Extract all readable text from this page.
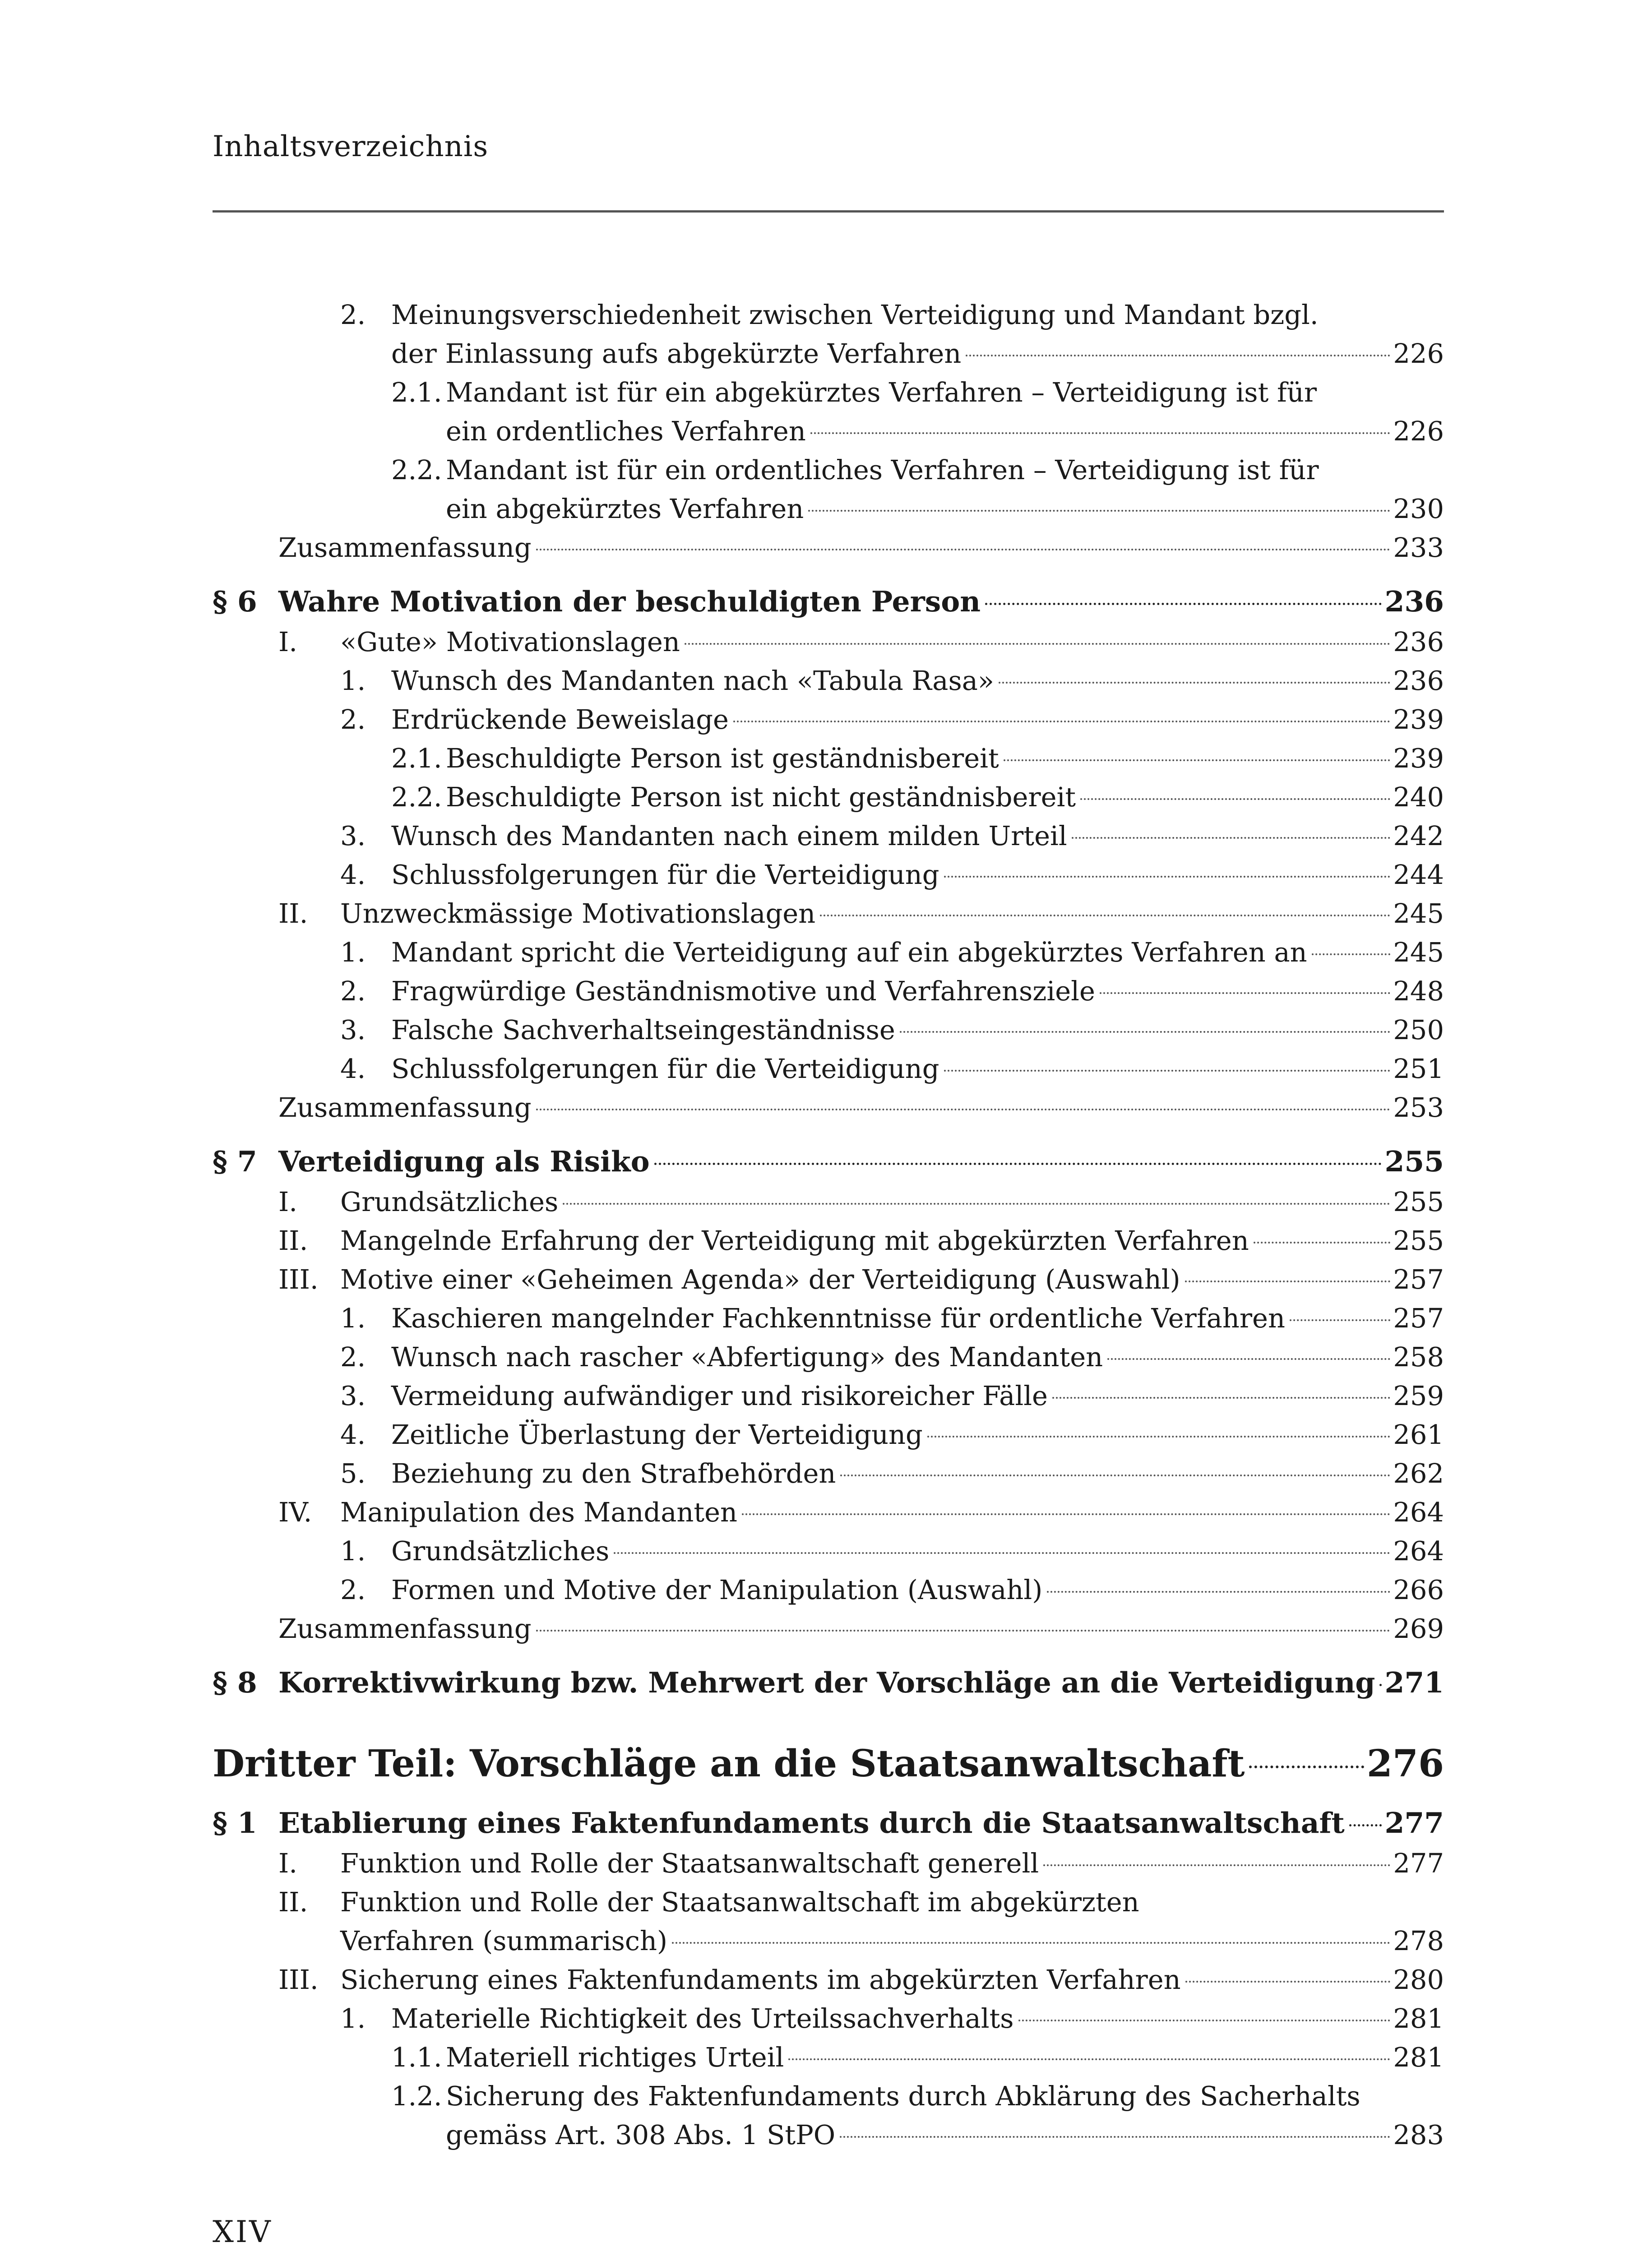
Inhaltsverzeichnis
2. Meinungsverschiedenheit zwischen Verteidigung und Mandant bzgl.
der Einlassung aufs abgekürzte Verfahren	226
2.1. Mandant ist für ein abgekürztes Verfahren – Verteidigung ist für
ein ordentliches Verfahren	226
2.2. Mandant ist für ein ordentliches Verfahren – Verteidigung ist für
ein abgekürztes Verfahren	230
Zusammenfassung	233
§ 6 Wahre Motivation der beschuldigten Person	236
I. «Gute» Motivationslagen	236
1. Wunsch des Mandanten nach «Tabula Rasa»	236
2. Erdrückende Beweislage	239
2.1. Beschuldigte Person ist geständnisbereit	239
2.2. Beschuldigte Person ist nicht geständnisbereit	240
3. Wunsch des Mandanten nach einem milden Urteil	242
4. Schlussfolgerungen für die Verteidigung	244
II. Unzweckmässige Motivationslagen	245
1. Mandant spricht die Verteidigung auf ein abgekürztes Verfahren an	245
2. Fragwürdige Geständnismotive und Verfahrensziele	248
3. Falsche Sachverhaltseingeständnisse	250
4. Schlussfolgerungen für die Verteidigung	251
Zusammenfassung	253
§ 7 Verteidigung als Risiko	255
I. Grundsätzliches	255
II. Mangelnde Erfahrung der Verteidigung mit abgekürzten Verfahren	255
III. Motive einer «Geheimen Agenda» der Verteidigung (Auswahl)	257
1. Kaschieren mangelnder Fachkenntnisse für ordentliche Verfahren	257
2. Wunsch nach rascher «Abfertigung» des Mandanten	258
3. Vermeidung aufwändiger und risikoreicher Fälle	259
4. Zeitliche Überlastung der Verteidigung	261
5. Beziehung zu den Strafbehörden	262
IV. Manipulation des Mandanten	264
1. Grundsätzliches	264
2. Formen und Motive der Manipulation (Auswahl)	266
Zusammenfassung	269
§ 8 Korrektivwirkung bzw. Mehrwert der Vorschläge an die Verteidigung 271
Dritter Teil: Vorschläge an die Staatsanwaltschaft	276
§ 1 Etablierung eines Faktenfundaments durch die Staatsanwaltschaft 277
I. Funktion und Rolle der Staatsanwaltschaft generell	277
II. Funktion und Rolle der Staatsanwaltschaft im abgekürzten
Verfahren (summarisch)	278
III. Sicherung eines Faktenfundaments im abgekürzten Verfahren	280
1. Materielle Richtigkeit des Urteilssachverhalts	281
1.1. Materiell richtiges Urteil	281
1.2. Sicherung des Faktenfundaments durch Abklärung des Sacherhalts
gemäss Art. 308 Abs. 1 StPO	283
XIV
